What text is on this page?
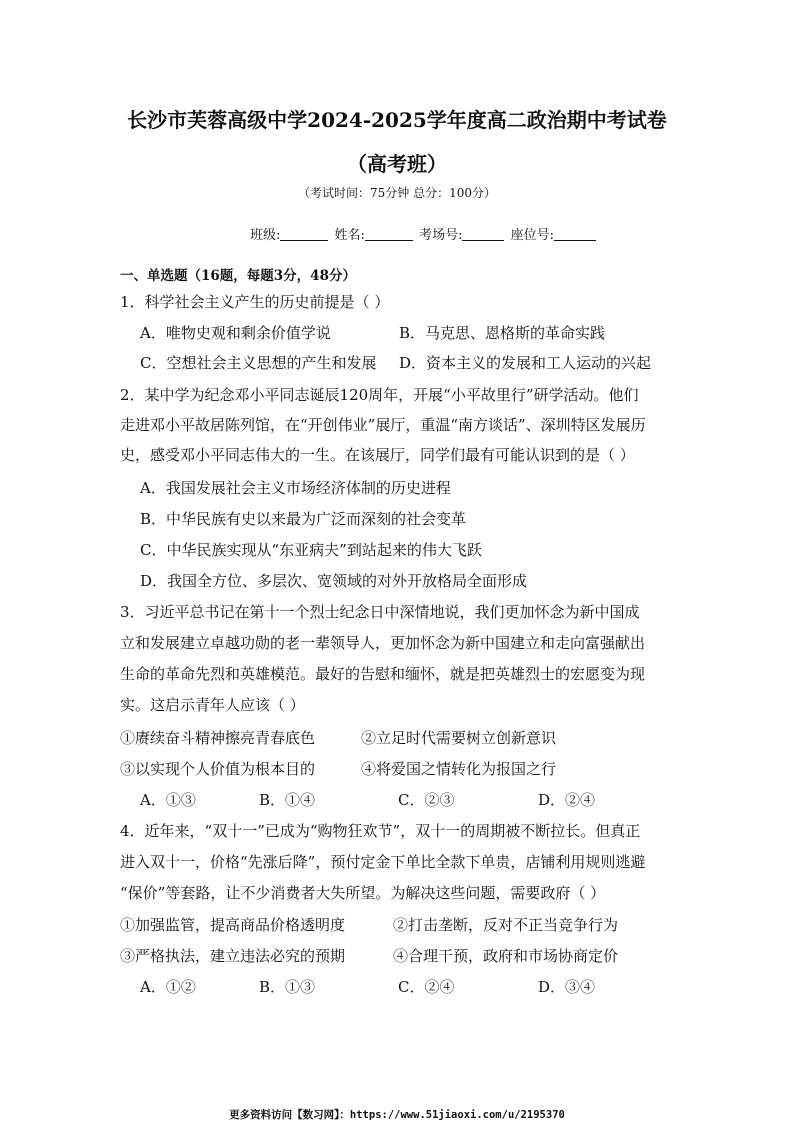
长沙市芙蓉高级中学2024-2025学年度高二政治期中考试卷
（高考班）
（考试时间：75分钟 总分：100分）
班级:	姓名:	考场号:	座位号:
一、单选题（16题，每题3分，48分）
1．科学社会主义产生的历史前提是（ ）
A．唯物史观和剩余价值学说	B．马克思、恩格斯的革命实践
C．空想社会主义思想的产生和发展 D．资本主义的发展和工人运动的兴起
2．某中学为纪念邓小平同志诞辰120周年，开展“小平故里行”研学活动。他们
走进邓小平故居陈列馆，在“开创伟业”展厅，重温“南方谈话”、深圳特区发展历
史，感受邓小平同志伟大的一生。在该展厅，同学们最有可能认识到的是（ ）
A．我国发展社会主义市场经济体制的历史进程
B．中华民族有史以来最为广泛而深刻的社会变革
C．中华民族实现从“东亚病夫”到站起来的伟大飞跃
D．我国全方位、多层次、宽领域的对外开放格局全面形成
3．习近平总书记在第十一个烈士纪念日中深情地说，我们更加怀念为新中国成
立和发展建立卓越功勋的老一辈领导人，更加怀念为新中国建立和走向富强献出
生命的革命先烈和英雄模范。最好的告慰和缅怀，就是把英雄烈士的宏愿变为现
实。这启示青年人应该（ ）
①赓续奋斗精神擦亮青春底色	②立足时代需要树立创新意识
③以实现个人价值为根本目的	④将爱国之情转化为报国之行
A．①③	B．①④	C．②③	D．②④
4．近年来，“双十一”已成为“购物狂欢节”，双十一的周期被不断拉长。但真正
进入双十一，价格“先涨后降”，预付定金下单比全款下单贵，店铺利用规则逃避
“保价”等套路，让不少消费者大失所望。为解决这些问题，需要政府（ ）
①加强监管，提高商品价格透明度	②打击垄断，反对不正当竞争行为
③严格执法，建立违法必究的预期	④合理干预，政府和市场协商定价
A．①②	B．①③	C．②④	D．③④
更多资料访问【数习网】：https://www.51jiaoxi.com/u/2195370
